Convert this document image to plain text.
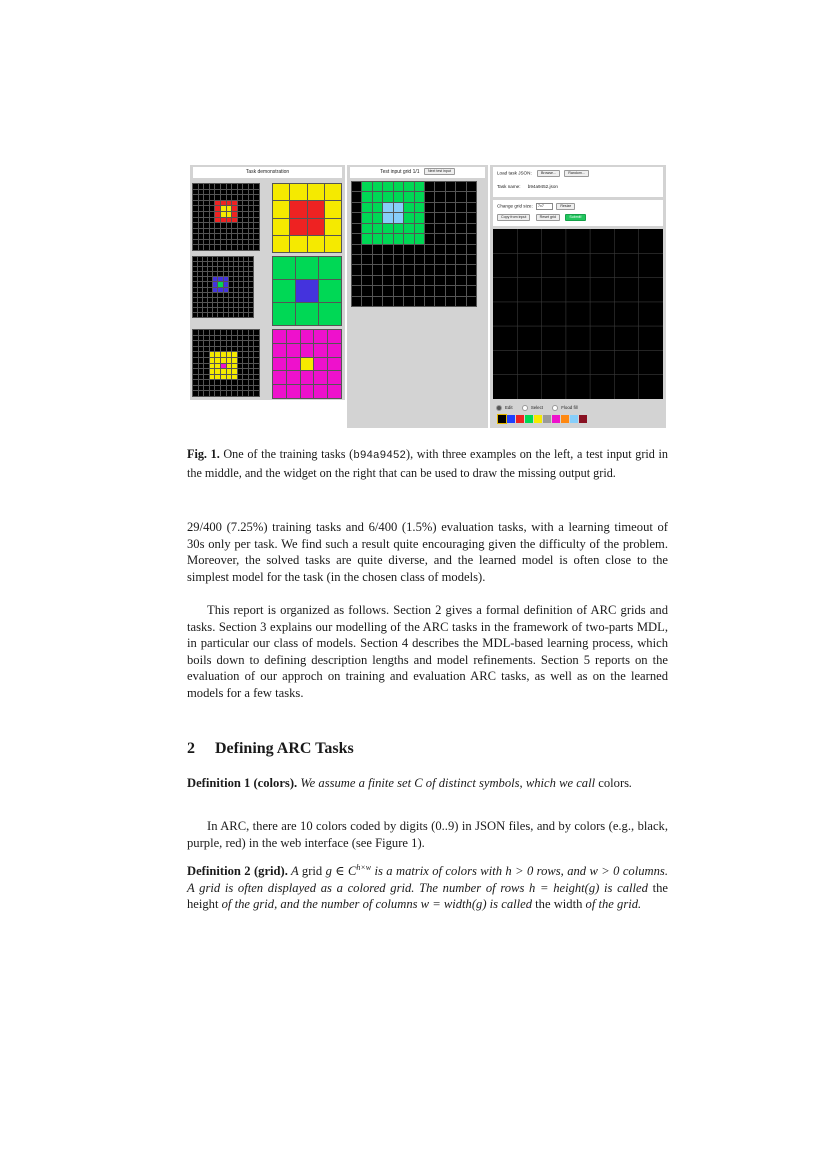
Task demonstration	Test input grid 1/1 Next test input	Load task JSON:	Browse...	Random...
Task name: b94a9452.json
Change grid size: 7x7	Resize
Copy from input	Reset grid	Submit!
Edit	Select	Flood fill
Fig. 1. One of the training tasks (b94a9452), with three examples on the left, a test input grid in the middle, and the widget on the right that can be used to draw the missing output grid.

29/400 (7.25%) training tasks and 6/400 (1.5%) evaluation tasks, with a learning timeout of 30s only per task. We find such a result quite encouraging given the difficulty of the problem. Moreover, the solved tasks are quite diverse, and the learned model is often close to the simplest model for the task (in the chosen class of models).

This report is organized as follows. Section 2 gives a formal definition of ARC grids and tasks. Section 3 explains our modelling of the ARC tasks in the framework of two-parts MDL, in particular our class of models. Section 4 describes the MDL-based learning process, which boils down to defining description lengths and model refinements. Section 5 reports on the evaluation of our approch on training and evaluation ARC tasks, as well as on the learned models for a few tasks.

2 Defining ARC Tasks

Definition 1 (colors). We assume a finite set C of distinct symbols, which we call colors.

In ARC, there are 10 colors coded by digits (0..9) in JSON files, and by colors (e.g., black, purple, red) in the web interface (see Figure 1).

Definition 2 (grid). A grid g ∈ $C^{h\times w}$ is a matrix of colors with h > 0 rows, and w > 0 columns. A grid is often displayed as a colored grid. The number of rows h = height(g) is called the height of the grid, and the number of columns w = width(g) is called the width of the grid.
